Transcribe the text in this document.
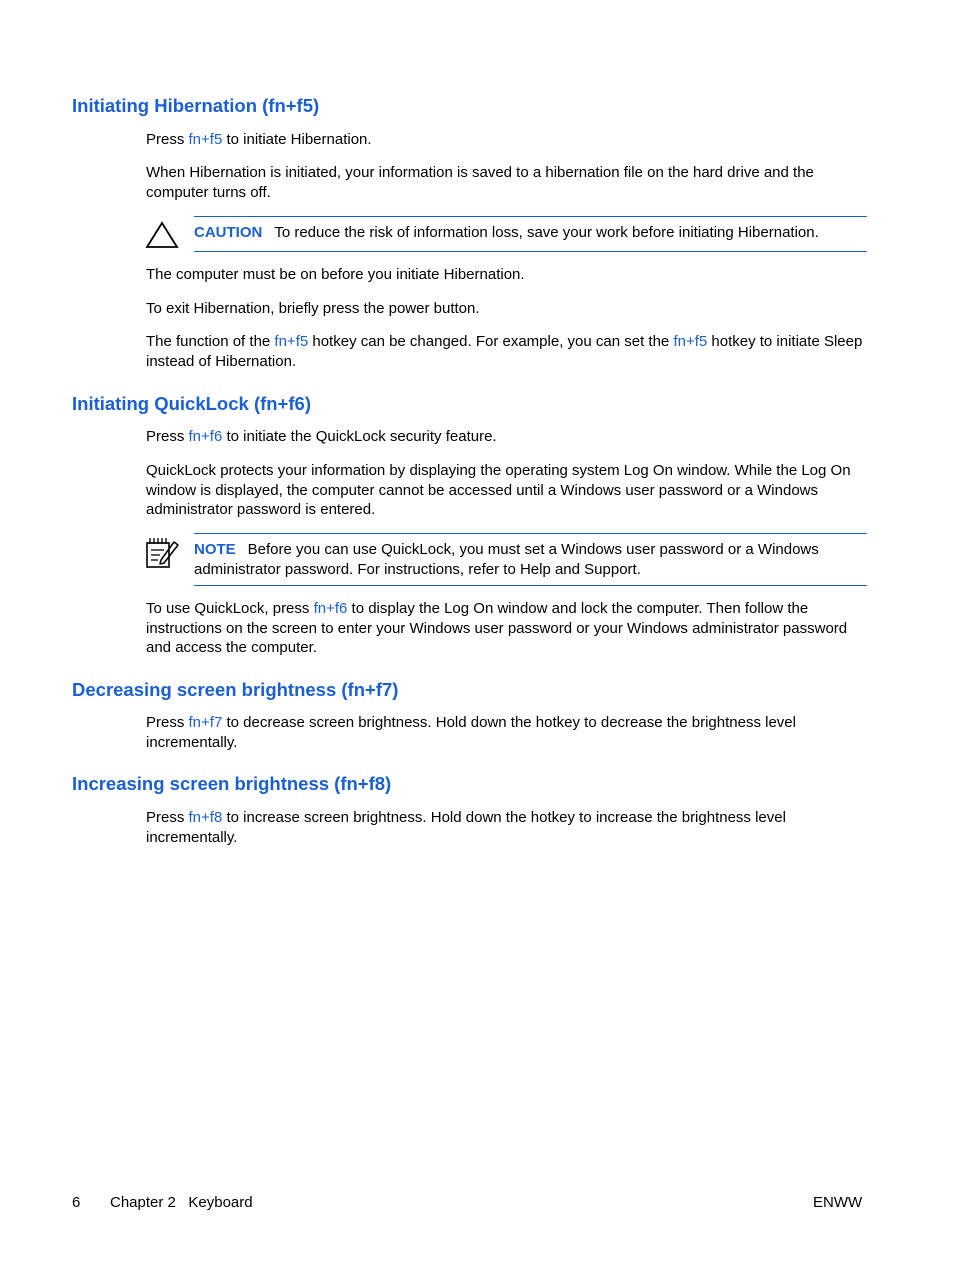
Initiating Hibernation (fn+f5)

Press fn+f5 to initiate Hibernation.

When Hibernation is initiated, your information is saved to a hibernation file on the hard drive and the computer turns off.

CAUTION To reduce the risk of information loss, save your work before initiating Hibernation.

The computer must be on before you initiate Hibernation.

To exit Hibernation, briefly press the power button.

The function of the fn+f5 hotkey can be changed. For example, you can set the fn+f5 hotkey to initiate Sleep instead of Hibernation.

Initiating QuickLock (fn+f6)

Press fn+f6 to initiate the QuickLock security feature.

QuickLock protects your information by displaying the operating system Log On window. While the Log On window is displayed, the computer cannot be accessed until a Windows user password or a Windows administrator password is entered.

NOTE Before you can use QuickLock, you must set a Windows user password or a Windows administrator password. For instructions, refer to Help and Support.

To use QuickLock, press fn+f6 to display the Log On window and lock the computer. Then follow the instructions on the screen to enter your Windows user password or your Windows administrator password and access the computer.

Decreasing screen brightness (fn+f7)

Press fn+f7 to decrease screen brightness. Hold down the hotkey to decrease the brightness level incrementally.

Increasing screen brightness (fn+f8)

Press fn+f8 to increase screen brightness. Hold down the hotkey to increase the brightness level incrementally.

6 Chapter 2   Keyboard	ENWW
